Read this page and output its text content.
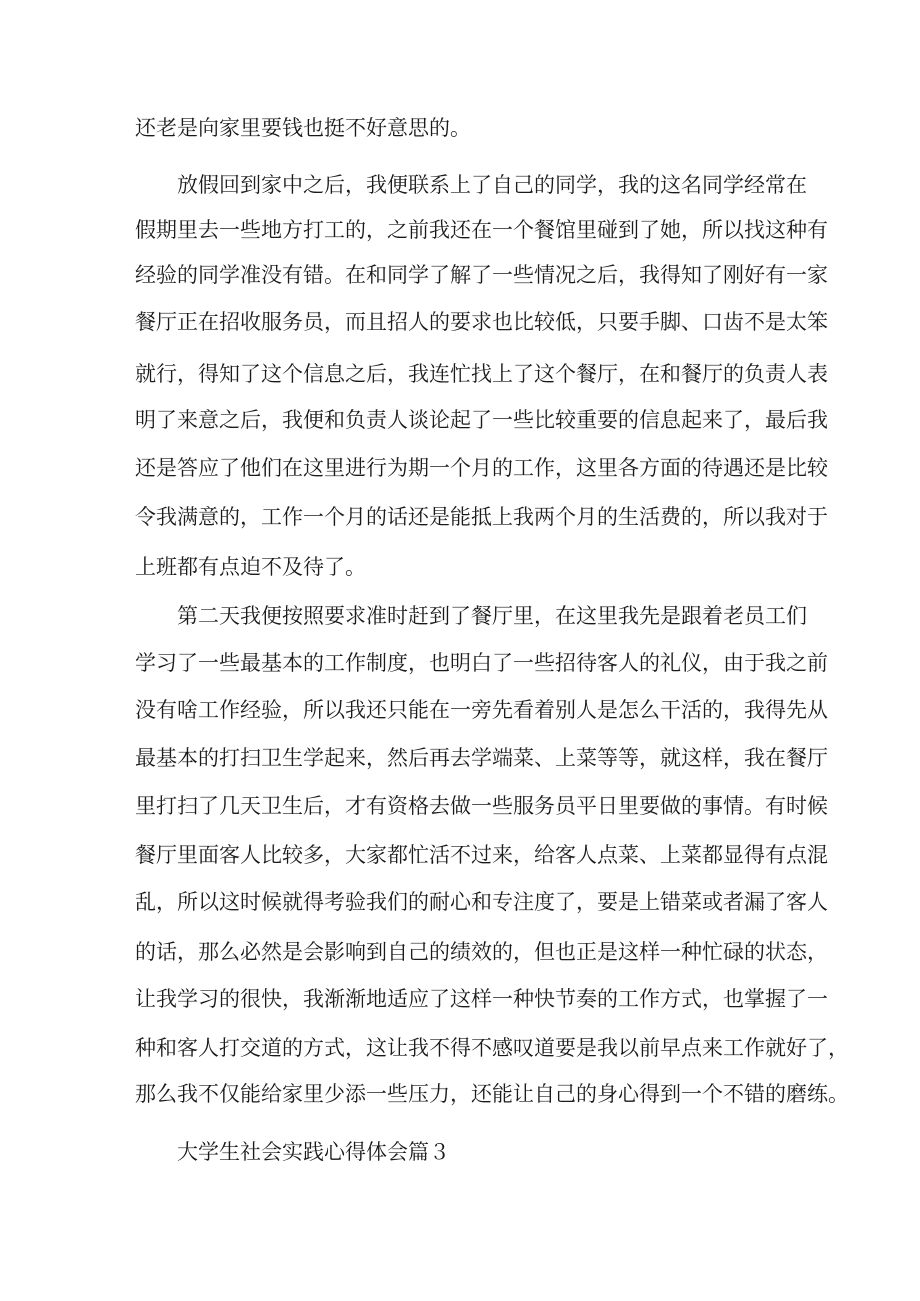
还老是向家里要钱也挺不好意思的。
放假回到家中之后，我便联系上了自己的同学，我的这名同学经常在
假期里去一些地方打工的，之前我还在一个餐馆里碰到了她，所以找这种有
经验的同学准没有错。在和同学了解了一些情况之后，我得知了刚好有一家
餐厅正在招收服务员，而且招人的要求也比较低，只要手脚、口齿不是太笨
就行，得知了这个信息之后，我连忙找上了这个餐厅，在和餐厅的负责人表
明了来意之后，我便和负责人谈论起了一些比较重要的信息起来了，最后我
还是答应了他们在这里进行为期一个月的工作，这里各方面的待遇还是比较
令我满意的，工作一个月的话还是能抵上我两个月的生活费的，所以我对于
上班都有点迫不及待了。
第二天我便按照要求准时赶到了餐厅里，在这里我先是跟着老员工们
学习了一些最基本的工作制度，也明白了一些招待客人的礼仪，由于我之前
没有啥工作经验，所以我还只能在一旁先看着别人是怎么干活的，我得先从
最基本的打扫卫生学起来，然后再去学端菜、上菜等等，就这样，我在餐厅
里打扫了几天卫生后，才有资格去做一些服务员平日里要做的事情。有时候
餐厅里面客人比较多，大家都忙活不过来，给客人点菜、上菜都显得有点混
乱，所以这时候就得考验我们的耐心和专注度了，要是上错菜或者漏了客人
的话，那么必然是会影响到自己的绩效的，但也正是这样一种忙碌的状态，
让我学习的很快，我渐渐地适应了这样一种快节奏的工作方式，也掌握了一
种和客人打交道的方式，这让我不得不感叹道要是我以前早点来工作就好了，
那么我不仅能给家里少添一些压力，还能让自己的身心得到一个不错的磨练。
大学生社会实践心得体会篇３
